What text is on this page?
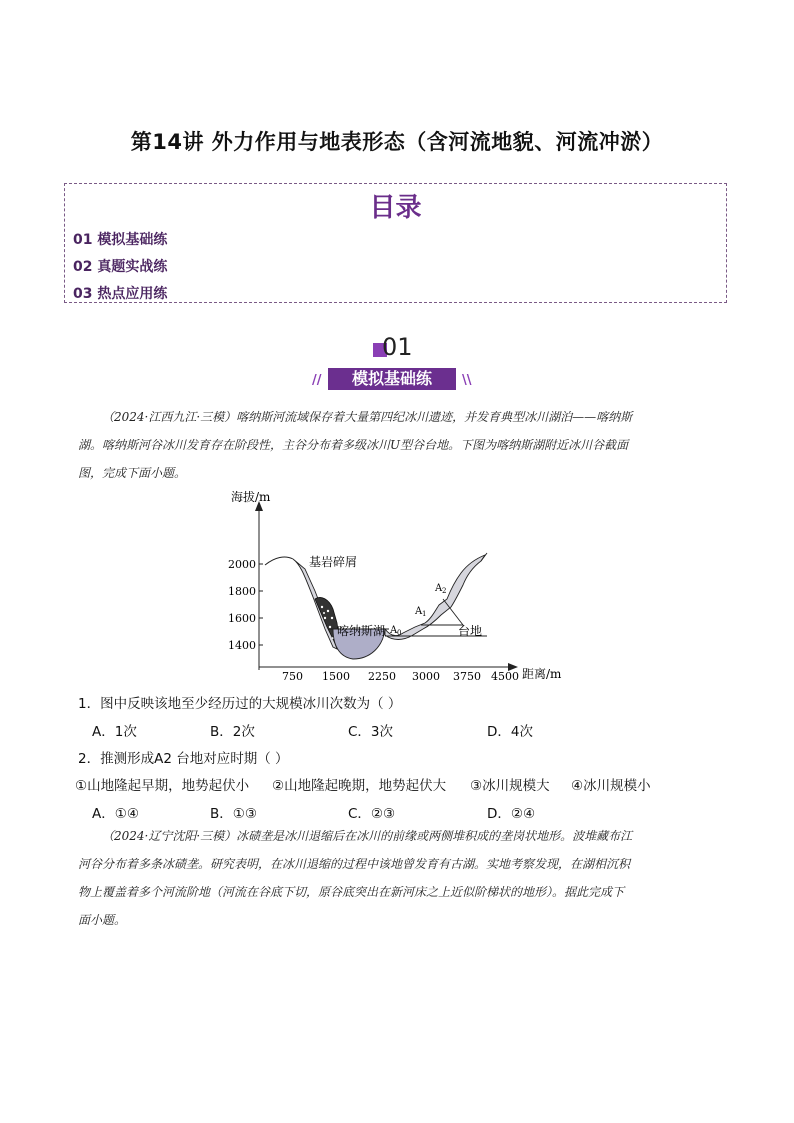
第14讲 外力作用与地表形态（含河流地貌、河流冲淤）
目录
01 模拟基础练
02 真题实战练
03 热点应用练
01
//	模拟基础练	\\
（2024·江西九江·三模）喀纳斯河流域保存着大量第四纪冰川遗迹，并发育典型冰川湖泊——喀纳斯
湖。喀纳斯河谷冰川发育存在阶段性，主谷分布着多级冰川U型谷台地。下图为喀纳斯湖附近冰川谷截面
图，完成下面小题。
海拔/m
距离/m
2000
1800
1600
1400
750 1500 2250 3000 3750 4500
基岩碎屑
喀纳斯湖	台地
A 0
A 1
A 2
1．图中反映该地至少经历过的大规模冰川次数为（ ）
A．1次	B．2次	C．3次	D．4次
2．推测形成A2 台地对应时期（ ）
①山地隆起早期，地势起伏小 ②山地隆起晚期，地势起伏大 ③冰川规模大 ④冰川规模小
A．①④	B．①③	C．②③	D．②④
（2024·辽宁沈阳·三模）冰碛垄是冰川退缩后在冰川的前缘或两侧堆积成的垄岗状地形。波堆藏布江
河谷分布着多条冰碛垄。研究表明，在冰川退缩的过程中该地曾发育有古湖。实地考察发现，在湖相沉积
物上覆盖着多个河流阶地（河流在谷底下切，原谷底突出在新河床之上近似阶梯状的地形）。据此完成下
面小题。
